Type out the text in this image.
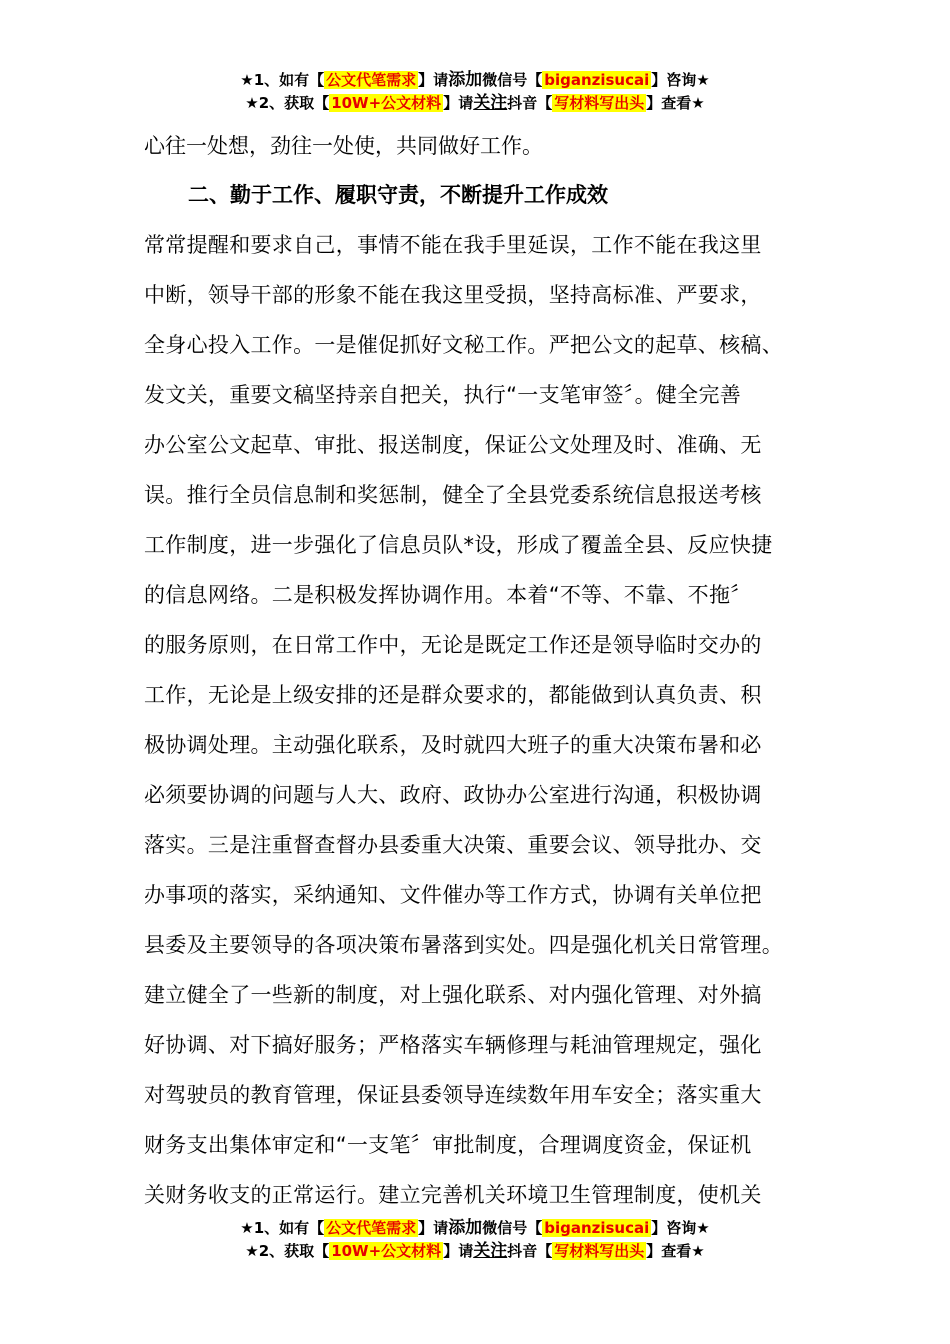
★1、如有【 公文代笔需求 】请添加微信号【 biganzisucai 】咨询★
★2、获取【 10W+公文材料 】请关注抖音【 写材料写出头 】查看★
心往一处想，劲往一处使，共同做好工作。
二、勤于工作、履职守责，不断提升工作成效
常常提醒和要求自己，事情不能在我手里延误，工作不能在我这里
中断，领导干部的形象不能在我这里受损，坚持高标准、严要求，
全身心投入工作。一是催促抓好文秘工作。严把公文的起草、核稿、
发文关，重要文稿坚持亲自把关，执行“一支笔审签〞。健全完善
办公室公文起草、审批、报送制度，保证公文处理及时、准确、无
误。推行全员信息制和奖惩制，健全了全县党委系统信息报送考核
工作制度，进一步强化了信息员队*设，形成了覆盖全县、反应快捷
的信息网络。二是积极发挥协调作用。本着“不等、不靠、不拖〞
的服务原则，在日常工作中，无论是既定工作还是领导临时交办的
工作，无论是上级安排的还是群众要求的，都能做到认真负责、积
极协调处理。主动强化联系，及时就四大班子的重大决策布暑和必
必须要协调的问题与人大、政府、政协办公室进行沟通，积极协调
落实。三是注重督查督办县委重大决策、重要会议、领导批办、交
办事项的落实，采纳通知、文件催办等工作方式，协调有关单位把
县委及主要领导的各项决策布暑落到实处。四是强化机关日常管理。
建立健全了一些新的制度，对上强化联系、对内强化管理、对外搞
好协调、对下搞好服务；严格落实车辆修理与耗油管理规定，强化
对驾驶员的教育管理，保证县委领导连续数年用车安全；落实重大
财务支出集体审定和“一支笔〞审批制度，合理调度资金，保证机
关财务收支的正常运行。建立完善机关环境卫生管理制度，使机关
★1、如有【 公文代笔需求 】请添加微信号【 biganzisucai 】咨询★
★2、获取【 10W+公文材料 】请关注抖音【 写材料写出头 】查看★
